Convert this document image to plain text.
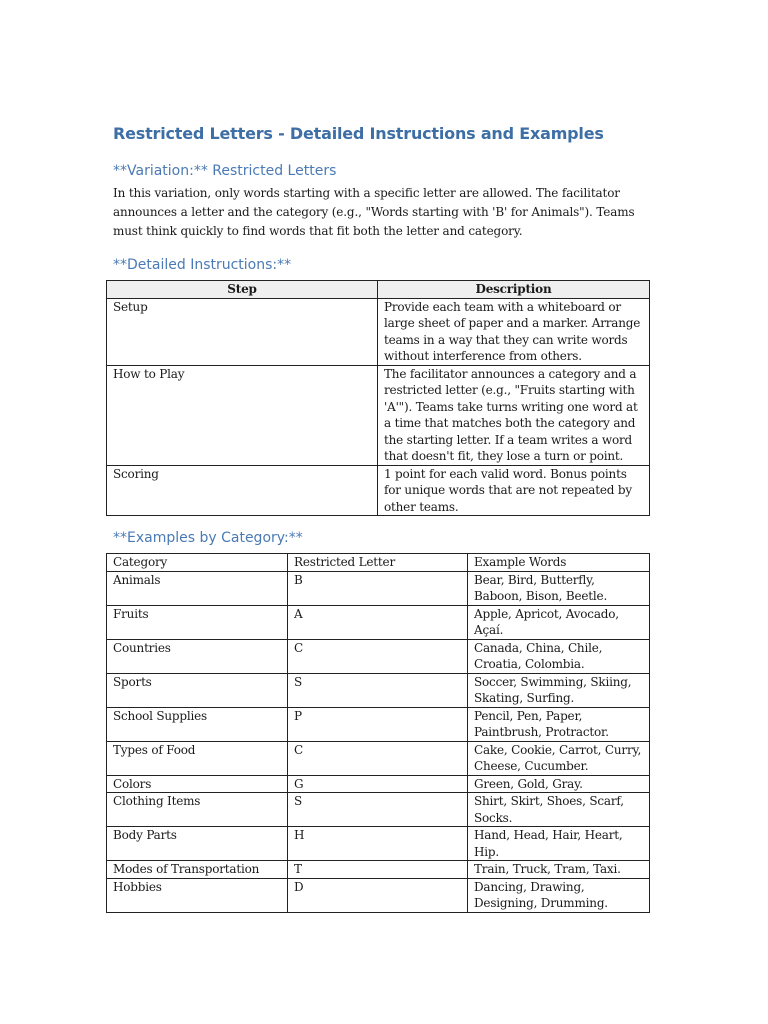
Restricted Letters - Detailed Instructions and Examples
**Variation:** Restricted Letters

In this variation, only words starting with a specific letter are allowed. The facilitator announces a letter and the category (e.g., "Words starting with 'B' for Animals"). Teams must think quickly to find words that fit both the letter and category.

**Detailed Instructions:**
Step	Description
Setup	Provide each team with a whiteboard or large sheet of paper and a marker. Arrange teams in a way that they can write words without interference from others.
How to Play	The facilitator announces a category and a restricted letter (e.g., "Fruits starting with 'A'"). Teams take turns writing one word at a time that matches both the category and the starting letter. If a team writes a word that doesn't fit, they lose a turn or point.
Scoring	1 point for each valid word. Bonus points for unique words that are not repeated by other teams.
**Examples by Category:**
Category	Restricted Letter	Example Words
Animals	B	Bear, Bird, Butterfly, Baboon, Bison, Beetle.
Fruits	A	Apple, Apricot, Avocado, Açaí.
Countries	C	Canada, China, Chile, Croatia, Colombia.
Sports	S	Soccer, Swimming, Skiing, Skating, Surfing.
School Supplies	P	Pencil, Pen, Paper, Paintbrush, Protractor.
Types of Food	C	Cake, Cookie, Carrot, Curry, Cheese, Cucumber.
Colors	G	Green, Gold, Gray.
Clothing Items	S	Shirt, Skirt, Shoes, Scarf, Socks.
Body Parts	H	Hand, Head, Hair, Heart, Hip.
Modes of Transportation	T	Train, Truck, Tram, Taxi.
Hobbies	D	Dancing, Drawing, Designing, Drumming.
